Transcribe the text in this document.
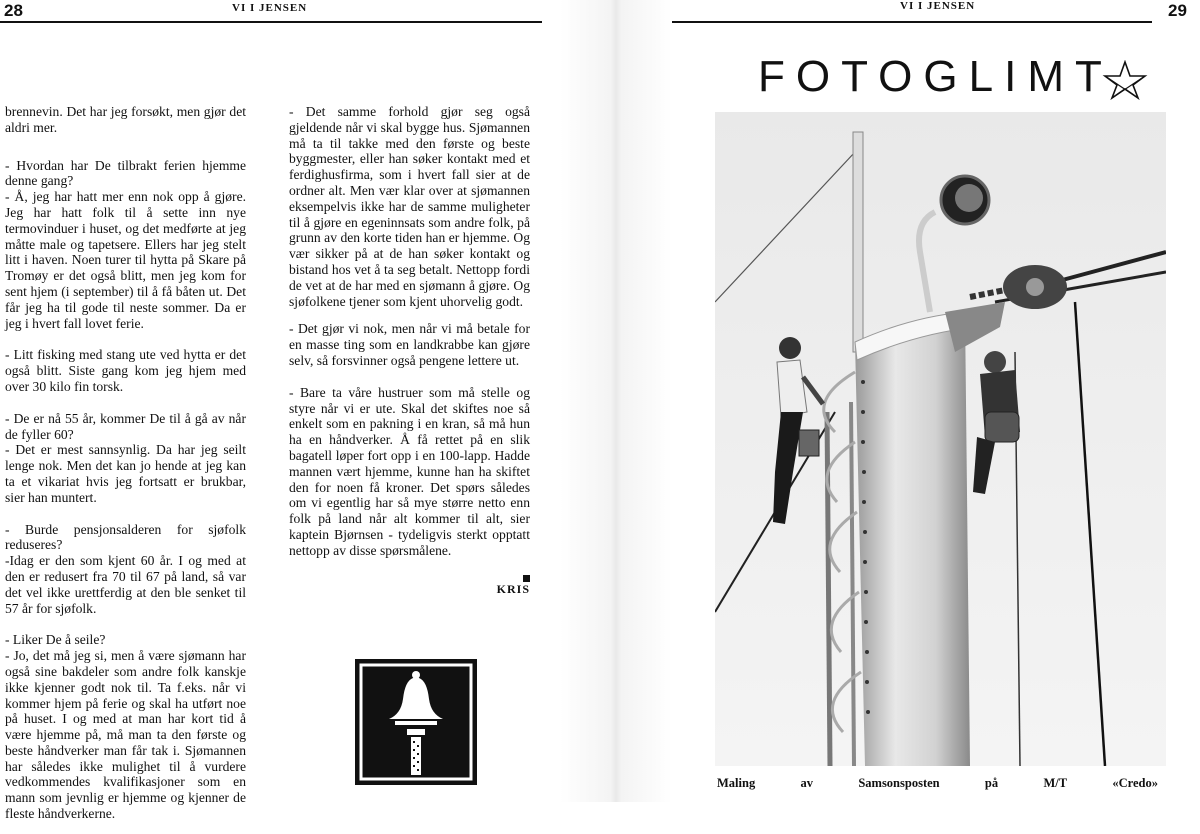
28	VI I JENSEN

brennevin. Det har jeg forsøkt, men gjør det aldri mer.

- Hvordan har De tilbrakt ferien hjemme denne gang?

- Å, jeg har hatt mer enn nok opp å gjøre. Jeg har hatt folk til å sette inn nye termovinduer i huset, og det medførte at jeg måtte male og tapetsere. Ellers har jeg stelt litt i haven. Noen turer til hytta på Skare på Tromøy er det også blitt, men jeg kom for sent hjem (i september) til å få båten ut. Det får jeg ha til gode til neste sommer. Da er jeg i hvert fall lovet ferie.

- Litt fisking med stang ute ved hytta er det også blitt. Siste gang kom jeg hjem med over 30 kilo fin torsk.

- De er nå 55 år, kommer De til å gå av når de fyller 60?

- Det er mest sannsynlig. Da har jeg seilt lenge nok. Men det kan jo hende at jeg kan ta et vikariat hvis jeg fortsatt er brukbar, sier han muntert.

- Burde pensjonsalderen for sjøfolk reduseres?

-Idag er den som kjent 60 år. I og med at den er redusert fra 70 til 67 på land, så var det vel ikke urettferdig at den ble senket til 57 år for sjøfolk.

- Liker De å seile?

- Jo, det må jeg si, men å være sjømann har også sine bakdeler som andre folk kanskje ikke kjenner godt nok til. Ta f.eks. når vi kommer hjem på ferie og skal ha utført noe på huset. I og med at man har kort tid å være hjemme på, må man ta den første og beste håndverker man får tak i. Sjømannen har således ikke mulighet til å vurdere vedkommendes kvalifikasjoner som en mann som jevnlig er hjemme og kjenner de fleste håndverkerne.

- Det samme forhold gjør seg også gjeldende når vi skal bygge hus. Sjømannen må ta til takke med den første og beste byggmester, eller han søker kontakt med et ferdighusfirma, som i hvert fall sier at de ordner alt. Men vær klar over at sjømannen eksempelvis ikke har de samme muligheter til å gjøre en egeninnsats som andre folk, på grunn av den korte tiden han er hjemme. Og vær sikker på at de han søker kontakt og bistand hos vet å ta seg betalt. Nettopp fordi de vet at de har med en sjømann å gjøre. Og sjøfolkene tjener som kjent uhorvelig godt.

- Det gjør vi nok, men når vi må betale for en masse ting som en landkrabbe kan gjøre selv, så forsvinner også pengene lettere ut.

- Bare ta våre hustruer som må stelle og styre når vi er ute. Skal det skiftes noe så enkelt som en pakning i en kran, så må hun ha en håndverker. Å få rettet på en slik bagatell løper fort opp i en 100-lapp. Hadde mannen vært hjemme, kunne han ha skiftet den for noen få kroner. Det spørs således om vi egentlig har så mye større netto enn folk på land når alt kommer til alt, sier kaptein Bjørnsen - tydeligvis sterkt opptatt nettopp av disse spørsmålene.

KRIS
VI I JENSEN	29
FOTOGLIMT
Maling	av	Samsonsposten	på	M/T	«Credo»
